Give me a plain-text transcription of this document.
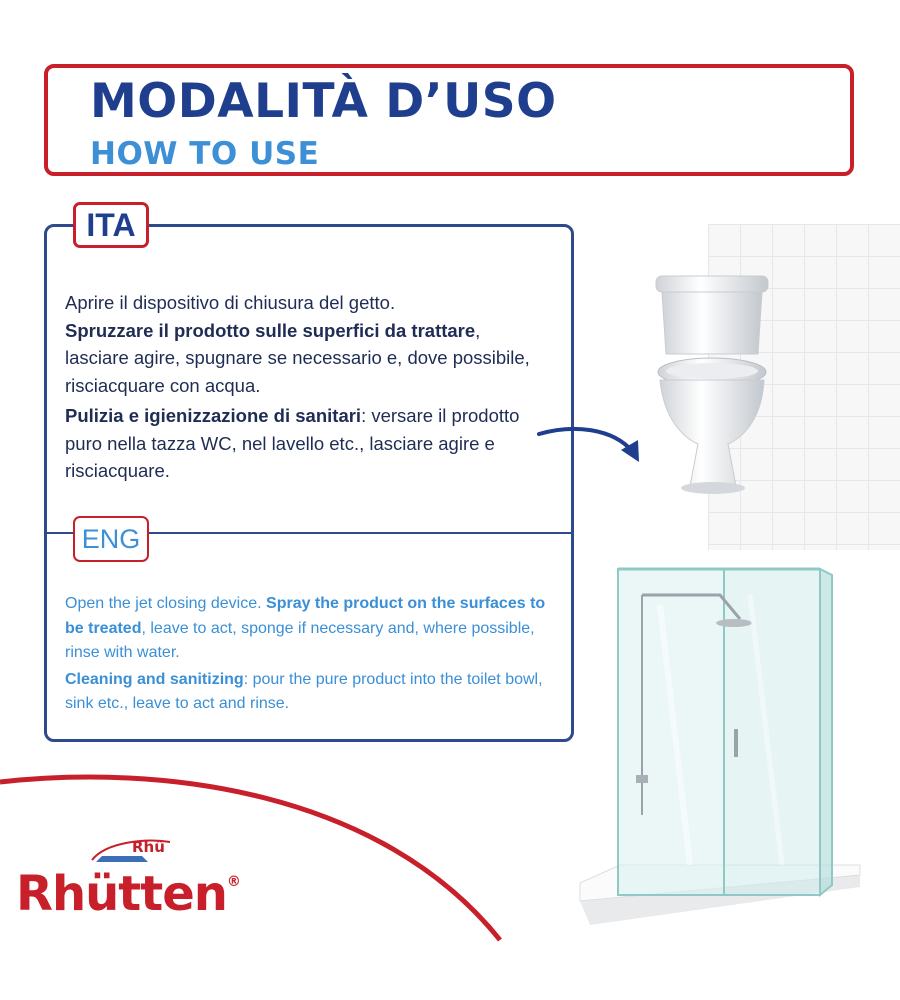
MODALITÀ D’USO
HOW TO USE
ITA

Aprire il dispositivo di chiusura del getto.
Spruzzare il prodotto sulle superfici da trattare, lasciare agire, spugnare se necessario e, dove possibile, risciacquare con acqua.

Pulizia e igienizzazione di sanitari: versare il prodotto puro nella tazza WC, nel lavello etc., lasciare agire e risciacquare.

ENG

Open the jet closing device. Spray the product on the surfaces to be treated, leave to act, sponge if necessary and, where possible, rinse with water.

Cleaning and sanitizing: pour the pure product into the toilet bowl, sink etc., leave to act and rinse.

Rhü
Rhütten®
